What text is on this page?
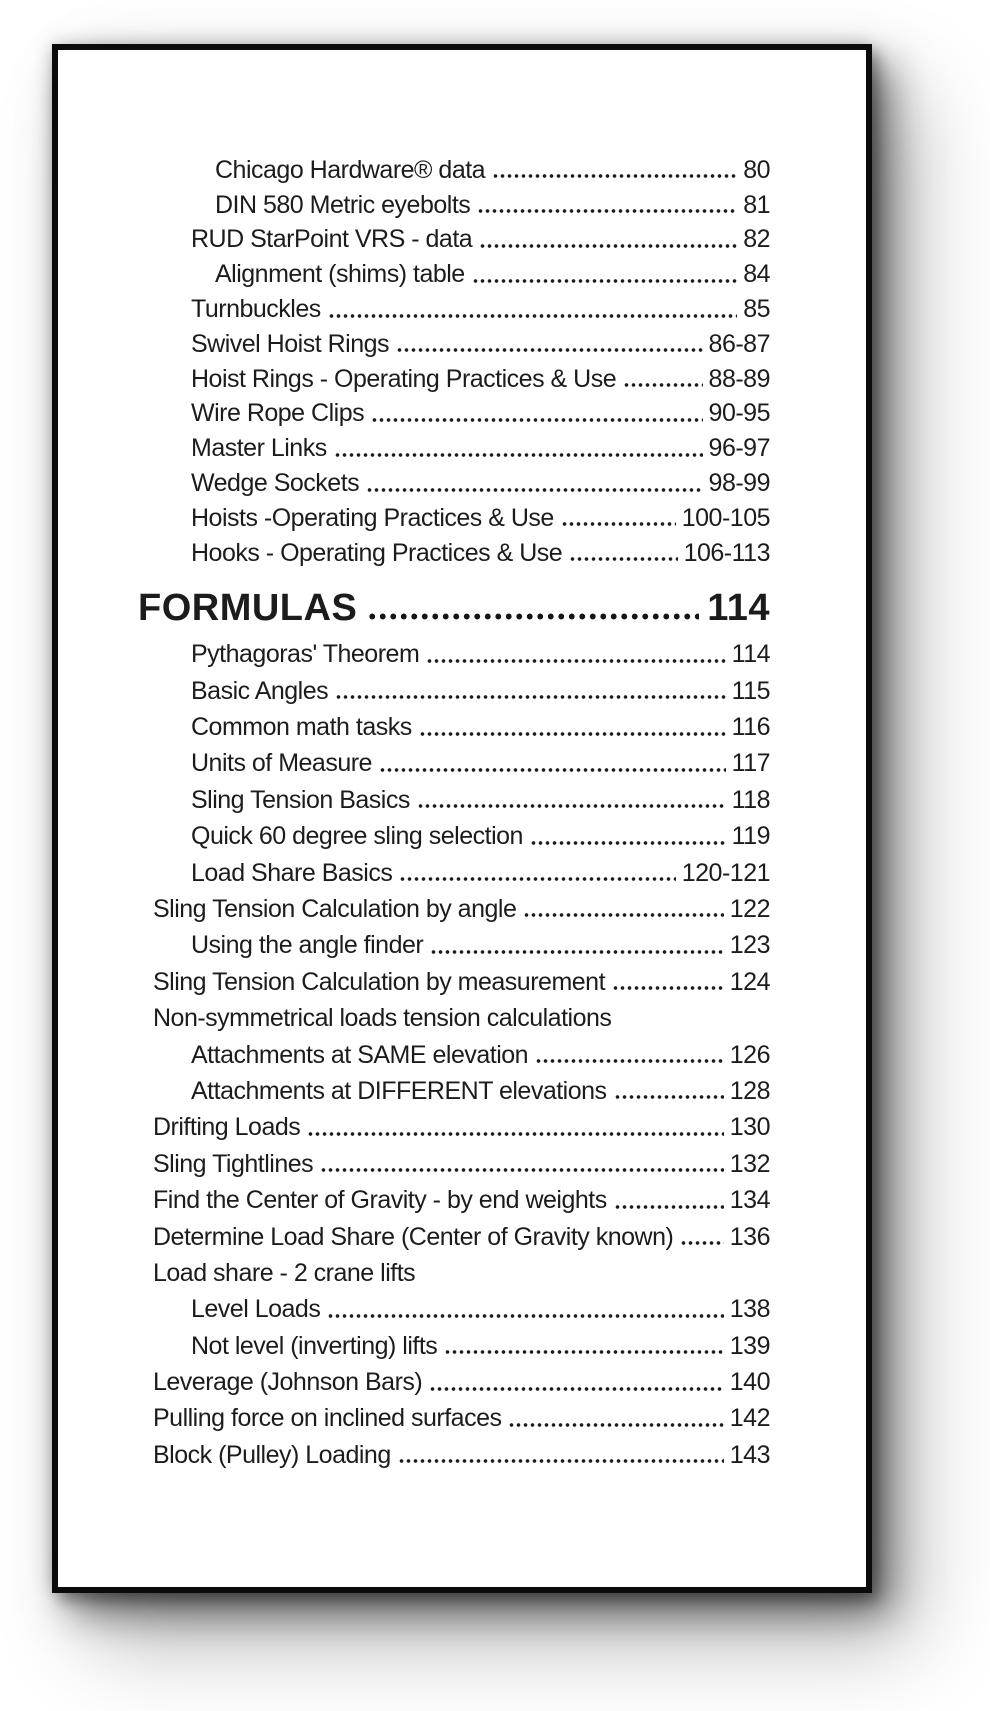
Chicago Hardware® data	80
DIN 580 Metric eyebolts	81
RUD StarPoint VRS - data	82
Alignment (shims) table	84
Turnbuckles	85
Swivel Hoist Rings	86-87
Hoist Rings - Operating Practices & Use	88-89
Wire Rope Clips	90-95
Master Links	96-97
Wedge Sockets	98-99
Hoists -Operating Practices & Use	100-105
Hooks - Operating Practices & Use	106-113
FORMULAS	114
Pythagoras' Theorem	114
Basic Angles	115
Common math tasks	116
Units of Measure	117
Sling Tension Basics	118
Quick 60 degree sling selection	119
Load Share Basics	120-121
Sling Tension Calculation by angle	122
Using the angle finder	123
Sling Tension Calculation by measurement	124
Non-symmetrical loads tension calculations
Attachments at SAME elevation	126
Attachments at DIFFERENT elevations	128
Drifting Loads	130
Sling Tightlines	132
Find the Center of Gravity - by end weights	134
Determine Load Share (Center of Gravity known) 136
Load share - 2 crane lifts
Level Loads	138
Not level (inverting) lifts	139
Leverage (Johnson Bars)	140
Pulling force on inclined surfaces	142
Block (Pulley) Loading	143
